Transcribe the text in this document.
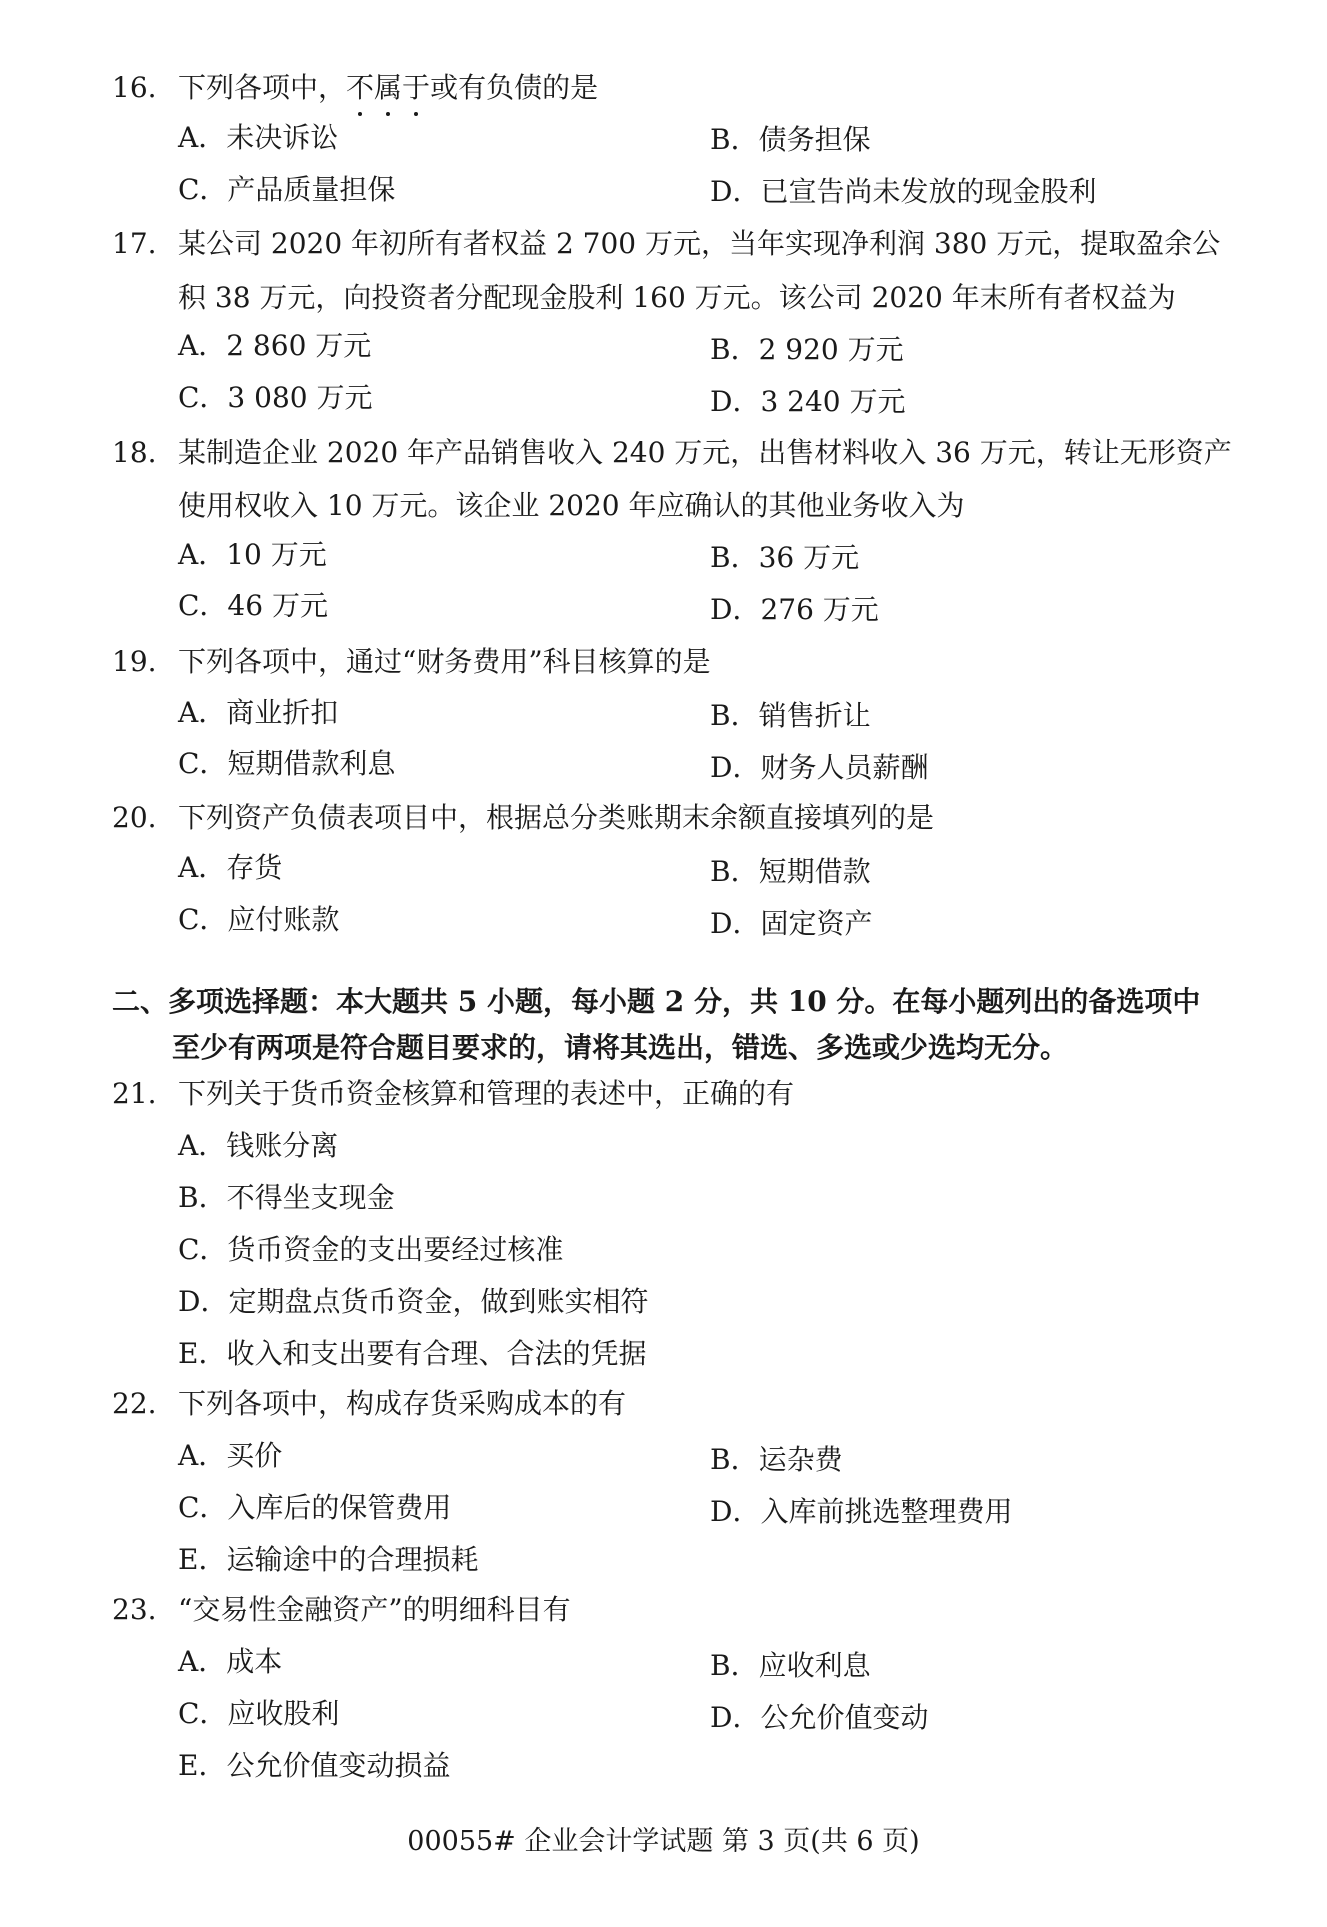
16. 下列各项中，不属于或有负债的是
A．未决诉讼	B．债务担保
C．产品质量担保	D．已宣告尚未发放的现金股利
17. 某公司 2020 年初所有者权益 2 700 万元，当年实现净利润 380 万元，提取盈余公
积 38 万元，向投资者分配现金股利 160 万元。该公司 2020 年末所有者权益为
A．2 860 万元	B．2 920 万元
C．3 080 万元	D．3 240 万元
18. 某制造企业 2020 年产品销售收入 240 万元，出售材料收入 36 万元，转让无形资产
使用权收入 10 万元。该企业 2020 年应确认的其他业务收入为
A．10 万元	B．36 万元
C．46 万元	D．276 万元
19. 下列各项中，通过“财务费用”科目核算的是
A．商业折扣	B．销售折让
C．短期借款利息	D．财务人员薪酬
20. 下列资产负债表项目中，根据总分类账期末余额直接填列的是
A．存货	B．短期借款
C．应付账款	D．固定资产
二、多项选择题：本大题共 5 小题，每小题 2 分，共 10 分。在每小题列出的备选项中
至少有两项是符合题目要求的，请将其选出，错选、多选或少选均无分。
21. 下列关于货币资金核算和管理的表述中，正确的有
A．钱账分离
B．不得坐支现金
C．货币资金的支出要经过核准
D．定期盘点货币资金，做到账实相符
E．收入和支出要有合理、合法的凭据
22. 下列各项中，构成存货采购成本的有
A．买价	B．运杂费
C．入库后的保管费用	D．入库前挑选整理费用
E．运输途中的合理损耗
23. “交易性金融资产”的明细科目有
A．成本	B．应收利息
C．应收股利	D．公允价值变动
E．公允价值变动损益
00055# 企业会计学试题 第 3 页(共 6 页)
